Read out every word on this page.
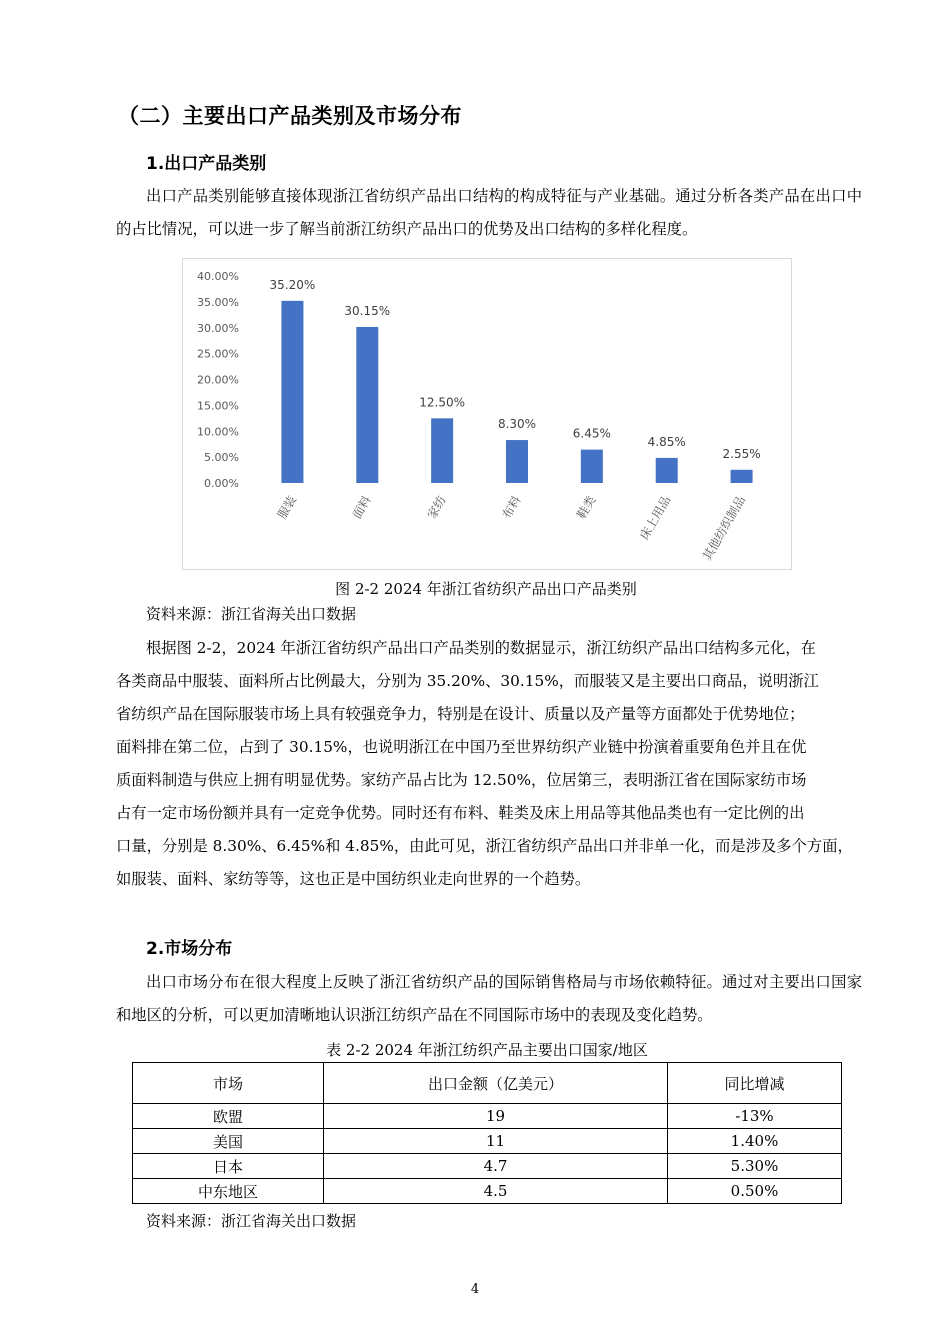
（二）主要出口产品类别及市场分布
1.出口产品类别
出口产品类别能够直接体现浙江省纺织产品出口结构的构成特征与产业基础。通过分析各类产品在出口中的占比情况，可以进一步了解当前浙江纺织产品出口的优势及出口结构的多样化程度。
0.00%
5.00%
10.00%
15.00%
20.00%
25.00%
30.00%
35.00%
40.00%
35.20%
服装
30.15%
面料
12.50%
家纺
8.30%
布料
6.45%
鞋类
4.85%
床上用品
2.55%
其他纺织制品
图 2-2 2024 年浙江省纺织产品出口产品类别
资料来源：浙江省海关出口数据
根据图 2-2，2024 年浙江省纺织产品出口产品类别的数据显示，浙江纺织产品出口结构多元化，在
各类商品中服装、面料所占比例最大，分别为 35.20%、30.15%，而服装又是主要出口商品，说明浙江
省纺织产品在国际服装市场上具有较强竞争力，特别是在设计、质量以及产量等方面都处于优势地位；
面料排在第二位，占到了 30.15%，也说明浙江在中国乃至世界纺织产业链中扮演着重要角色并且在优
质面料制造与供应上拥有明显优势。家纺产品占比为 12.50%，位居第三，表明浙江省在国际家纺市场
占有一定市场份额并具有一定竞争优势。同时还有布料、鞋类及床上用品等其他品类也有一定比例的出
口量，分别是 8.30%、6.45%和 4.85%，由此可见，浙江省纺织产品出口并非单一化，而是涉及多个方面，
如服装、面料、家纺等等，这也正是中国纺织业走向世界的一个趋势。
2.市场分布
出口市场分布在很大程度上反映了浙江省纺织产品的国际销售格局与市场依赖特征。通过对主要出口国家和地区的分析，可以更加清晰地认识浙江纺织产品在不同国际市场中的表现及变化趋势。
表 2-2 2024 年浙江纺织产品主要出口国家/地区
市场	出口金额（亿美元）	同比增减
欧盟	19	-13%
美国	11	1.40%
日本	4.7	5.30%
中东地区	4.5	0.50%
资料来源：浙江省海关出口数据
4
